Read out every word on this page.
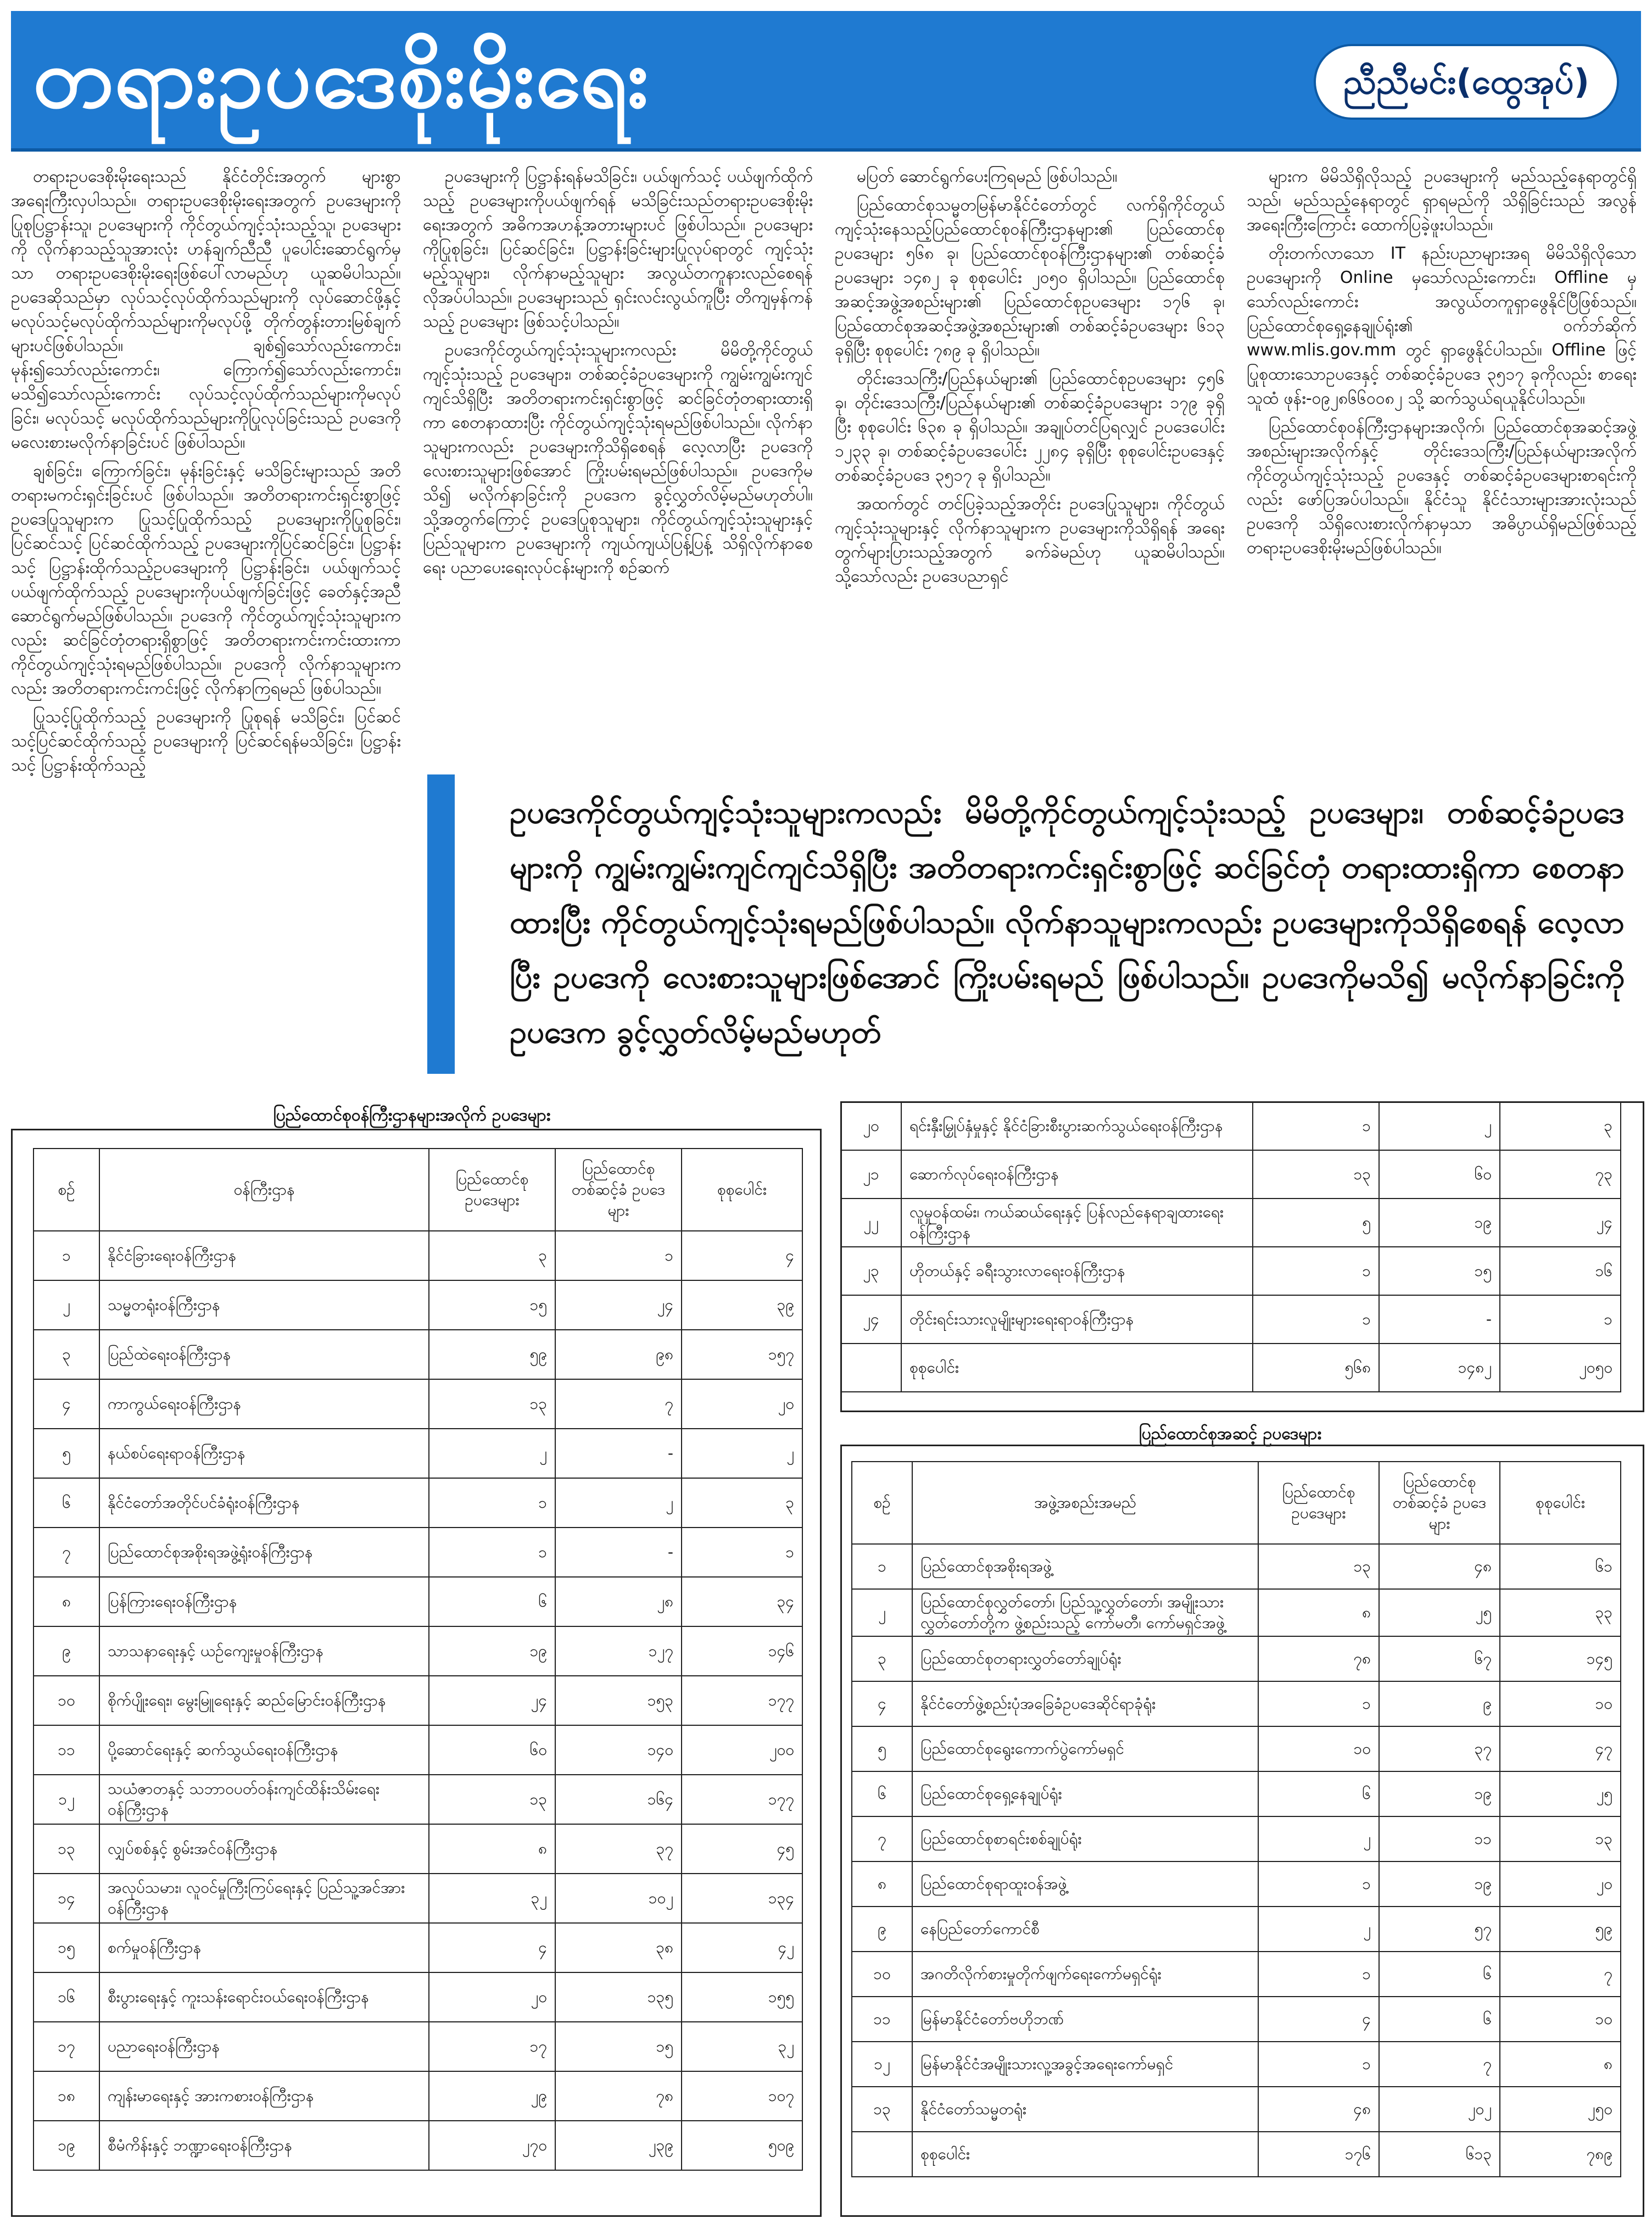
တရားဥပဒေစိုးမိုးရေး	ညီညီမင်း(ထွေအုပ်)

တရားဥပဒေစိုးမိုးရေးသည် နိုင်ငံတိုင်းအတွက် များစွာ အရေးကြီးလှပါသည်။ တရားဥပဒေစိုးမိုးရေးအတွက် ဥပဒေများကို ပြုစုပြဋ္ဌာန်းသူ၊ ဥပဒေများကို ကိုင်တွယ်ကျင့်သုံးသည့်သူ၊ ဥပဒေများကို လိုက်နာသည့်သူအားလုံး ဟန်ချက်ညီညီ ပူပေါင်းဆောင်ရွက်မှသာ တရားဥပဒေစိုးမိုးရေးဖြစ်ပေါ်လာမည်ဟု ယူဆမိပါသည်။ ဥပဒေဆိုသည်မှာ လုပ်သင့်လုပ်ထိုက်သည်များကို လုပ်ဆောင်ဖို့နှင့် မလုပ်သင့်မလုပ်ထိုက်သည်များကိုမလုပ်ဖို့ တိုက်တွန်းတားမြစ်ချက်များပင်ဖြစ်ပါသည်။ ချစ်၍သော်လည်းကောင်း၊ မုန်း၍သော်လည်းကောင်း၊ ကြောက်၍သော်လည်းကောင်း၊ မသိ၍သော်လည်းကောင်း လုပ်သင့်လုပ်ထိုက်သည်များကိုမလုပ်ခြင်း၊ မလုပ်သင့် မလုပ်ထိုက်သည်များကိုပြုလုပ်ခြင်းသည် ဥပဒေကို မလေးစားမလိုက်နာခြင်းပင် ဖြစ်ပါသည်။

ချစ်ခြင်း၊ ကြောက်ခြင်း၊ မုန်းခြင်းနှင့် မသိခြင်းများသည် အတိတရားမကင်းရှင်းခြင်းပင် ဖြစ်ပါသည်။ အတိတရားကင်းရှင်းစွာဖြင့် ဥပဒေပြုသူများက ပြုသင့်ပြုထိုက်သည့် ဥပဒေများကိုပြုစုခြင်း၊ ပြင်ဆင်သင့် ပြင်ဆင်ထိုက်သည့် ဥပဒေများကိုပြင်ဆင်ခြင်း၊ ပြဋ္ဌာန်းသင့် ပြဋ္ဌာန်းထိုက်သည့်ဥပဒေများကို ပြဋ္ဌာန်းခြင်း၊ ပယ်ဖျက်သင့် ပယ်ဖျက်ထိုက်သည့် ဥပဒေများကိုပယ်ဖျက်ခြင်းဖြင့် ခေတ်နှင့်အညီ ဆောင်ရွက်မည်ဖြစ်ပါသည်။ ဥပဒေကို ကိုင်တွယ်ကျင့်သုံးသူများကလည်း ဆင်ခြင်တုံတရားရှိစွာဖြင့် အတိတရားကင်းကင်းထားကာ ကိုင်တွယ်ကျင့်သုံးရမည်ဖြစ်ပါသည်။ ဥပဒေကို လိုက်နာသူများကလည်း အတိတရားကင်းကင်းဖြင့် လိုက်နာကြရမည် ဖြစ်ပါသည်။

ပြုသင့်ပြုထိုက်သည့် ဥပဒေများကို ပြုစုရန် မသိခြင်း၊ ပြင်ဆင်သင့်ပြင်ဆင်ထိုက်သည့် ဥပဒေများကို ပြင်ဆင်ရန်မသိခြင်း၊ ပြဋ္ဌာန်းသင့် ပြဋ္ဌာန်းထိုက်သည့်

ဥပဒေများကို ပြဋ္ဌာန်းရန်မသိခြင်း၊ ပယ်ဖျက်သင့် ပယ်ဖျက်ထိုက်သည့် ဥပဒေများကိုပယ်ဖျက်ရန် မသိခြင်းသည်တရားဥပဒေစိုးမိုးရေးအတွက် အဓိကအဟန့်အတားများပင် ဖြစ်ပါသည်။ ဥပဒေများကိုပြုစုခြင်း၊ ပြင်ဆင်ခြင်း၊ ပြဋ္ဌာန်းခြင်းများပြုလုပ်ရာတွင် ကျင့်သုံးမည့်သူများ၊ လိုက်နာမည့်သူများ အလွယ်တကူနားလည်စေရန် လိုအပ်ပါသည်။ ဥပဒေများသည် ရှင်းလင်းလွယ်ကူပြီး တိကျမှန်ကန်သည့် ဥပဒေများ ဖြစ်သင့်ပါသည်။

ဥပဒေကိုင်တွယ်ကျင့်သုံးသူများကလည်း မိမိတို့ကိုင်တွယ်ကျင့်သုံးသည့် ဥပဒေများ၊ တစ်ဆင့်ခံဥပဒေများကို ကျွမ်းကျွမ်းကျင်ကျင်သိရှိပြီး အတိတရားကင်းရှင်းစွာဖြင့် ဆင်ခြင်တုံတရားထားရှိကာ စေတနာထားပြီး ကိုင်တွယ်ကျင့်သုံးရမည်ဖြစ်ပါသည်။ လိုက်နာသူများကလည်း ဥပဒေများကိုသိရှိစေရန် လေ့လာပြီး ဥပဒေကို လေးစားသူများဖြစ်အောင် ကြိုးပမ်းရမည်ဖြစ်ပါသည်။ ဥပဒေကိုမသိ၍ မလိုက်နာခြင်းကို ဥပဒေက ခွင့်လွှတ်လိမ့်မည်မဟုတ်ပါ။ သို့အတွက်ကြောင့် ဥပဒေပြုစုသူများ၊ ကိုင်တွယ်ကျင့်သုံးသူများနှင့် ပြည်သူများက ဥပဒေများကို ကျယ်ကျယ်ပြန့်ပြန့် သိရှိလိုက်နာစေရေး ပညာပေးရေးလုပ်ငန်းများကို စဉ်ဆက်

မပြတ် ဆောင်ရွက်ပေးကြရမည် ဖြစ်ပါသည်။

ပြည်ထောင်စုသမ္မတမြန်မာနိုင်ငံတော်တွင် လက်ရှိကိုင်တွယ်ကျင့်သုံးနေသည့်ပြည်ထောင်စုဝန်ကြီးဌာနများ၏ ပြည်ထောင်စုဥပဒေများ ၅၆၈ ခု၊ ပြည်ထောင်စုဝန်ကြီးဌာနများ၏ တစ်ဆင့်ခံဥပဒေများ ၁၄၈၂ ခု စုစုပေါင်း ၂၀၅၀ ရှိပါသည်။ ပြည်ထောင်စုအဆင့်အဖွဲ့အစည်းများ၏ ပြည်ထောင်စုဥပဒေများ ၁၇၆ ခု၊ ပြည်ထောင်စုအဆင့်အဖွဲ့အစည်းများ၏ တစ်ဆင့်ခံဥပဒေများ ၆၁၃ ခုရှိပြီး စုစုပေါင်း ၇၈၉ ခု ရှိပါသည်။

တိုင်းဒေသကြီး/ပြည်နယ်များ၏ ပြည်ထောင်စုဥပဒေများ ၄၅၆ ခု၊ တိုင်းဒေသကြီး/ပြည်နယ်များ၏ တစ်ဆင့်ခံဥပဒေများ ၁၇၉ ခုရှိပြီး စုစုပေါင်း ၆၃၈ ခု ရှိပါသည်။ အချုပ်တင်ပြရလျှင် ဥပဒေပေါင်း ၁၂၃၃ ခု၊ တစ်ဆင့်ခံဥပဒေပေါင်း ၂၂၈၄ ခုရှိပြီး စုစုပေါင်းဥပဒေနှင့် တစ်ဆင့်ခံဥပဒေ ၃၅၁၇ ခု ရှိပါသည်။

အထက်တွင် တင်ပြခဲ့သည့်အတိုင်း ဥပဒေပြုသူများ၊ ကိုင်တွယ်ကျင့်သုံးသူများနှင့် လိုက်နာသူများက ဥပဒေများကိုသိရှိရန် အရေးတွက်များပြားသည့်အတွက် ခက်ခဲမည်ဟု ယူဆမိပါသည်။ သို့သော်လည်း ဥပဒေပညာရှင်

များက မိမိသိရှိလိုသည့် ဥပဒေများကို မည်သည့်နေရာတွင်ရှိသည်၊ မည်သည့်နေရာတွင် ရှာရမည်ကို သိရှိခြင်းသည် အလွန်အရေးကြီးကြောင်း ထောက်ပြခဲ့ဖူးပါသည်။

တိုးတက်လာသော IT နည်းပညာများအရ မိမိသိရှိလိုသောဥပဒေများကို Online မှသော်လည်းကောင်း၊ Offline မှသော်လည်းကောင်း အလွယ်တကူရှာဖွေနိုင်ပြီဖြစ်သည်။ ပြည်ထောင်စုရှေ့နေချုပ်ရုံး၏ ဝက်ဘ်ဆိုက် www.mlis.gov.mm တွင် ရှာဖွေနိုင်ပါသည်။ Offline ဖြင့် ပြုစုထားသောဥပဒေနှင့် တစ်ဆင့်ခံဥပဒေ ၃၅၁၇ ခုကိုလည်း စာရေးသူထံ ဖုန်း-၀၉၂၈၆၆၀၀၈၂ သို့ ဆက်သွယ်ရယူနိုင်ပါသည်။

ပြည်ထောင်စုဝန်ကြီးဌာနများအလိုက်၊ ပြည်ထောင်စုအဆင့်အဖွဲ့အစည်းများအလိုက်နှင့် တိုင်းဒေသကြီး/ပြည်နယ်များအလိုက် ကိုင်တွယ်ကျင့်သုံးသည့် ဥပဒေနှင့် တစ်ဆင့်ခံဥပဒေများစာရင်းကိုလည်း ဖော်ပြအပ်ပါသည်။ နိုင်ငံသူ နိုင်ငံသားများအားလုံးသည် ဥပဒေကို သိရှိလေးစားလိုက်နာမှသာ အဓိပ္ပာယ်ရှိမည်ဖြစ်သည့် တရားဥပဒေစိုးမိုးမည်ဖြစ်ပါသည်။

ဥပဒေကိုင်တွယ်ကျင့်သုံးသူများကလည်း မိမိတို့ကိုင်တွယ်ကျင့်သုံးသည့် ဥပဒေများ၊ တစ်ဆင့်ခံဥပဒေများကို ကျွမ်းကျွမ်းကျင်ကျင်သိရှိပြီး အတိတရားကင်းရှင်းစွာဖြင့် ဆင်ခြင်တုံ တရားထားရှိကာ စေတနာထားပြီး ကိုင်တွယ်ကျင့်သုံးရမည်ဖြစ်ပါသည်။ လိုက်နာသူများကလည်း ဥပဒေများကိုသိရှိစေရန် လေ့လာပြီး ဥပဒေကို လေးစားသူများဖြစ်အောင် ကြိုးပမ်းရမည် ဖြစ်ပါသည်။ ဥပဒေကိုမသိ၍ မလိုက်နာခြင်းကို ဥပဒေက ခွင့်လွှတ်လိမ့်မည်မဟုတ်
ပြည်ထောင်စုဝန်ကြီးဌာနများအလိုက် ဥပဒေများ
စဉ်	ဝန်ကြီးဌာန	ပြည်ထောင်စု ဥပဒေများ	ပြည်ထောင်စု တစ်ဆင့်ခံ ဥပဒေများ	စုစုပေါင်း
၁	နိုင်ငံခြားရေးဝန်ကြီးဌာန	၃	၁	၄
၂	သမ္မတရုံးဝန်ကြီးဌာန	၁၅	၂၄	၃၉
၃	ပြည်ထဲရေးဝန်ကြီးဌာန	၅၉	၉၈	၁၅၇
၄	ကာကွယ်ရေးဝန်ကြီးဌာန	၁၃	၇	၂၀
၅	နယ်စပ်ရေးရာဝန်ကြီးဌာန	၂	-	၂
၆	နိုင်ငံတော်အတိုင်ပင်ခံရုံးဝန်ကြီးဌာန	၁	၂	၃
၇	ပြည်ထောင်စုအစိုးရအဖွဲ့ရုံးဝန်ကြီးဌာန	၁	-	၁
၈	ပြန်ကြားရေးဝန်ကြီးဌာန	၆	၂၈	၃၄
၉	သာသနာရေးနှင့် ယဉ်ကျေးမှုဝန်ကြီးဌာန	၁၉	၁၂၇	၁၄၆
၁၀	စိုက်ပျိုးရေး၊ မွေးမြူရေးနှင့် ဆည်မြောင်းဝန်ကြီးဌာန	၂၄	၁၅၃	၁၇၇
၁၁	ပို့ဆောင်ရေးနှင့် ဆက်သွယ်ရေးဝန်ကြီးဌာန	၆၀	၁၄၀	၂၀၀
၁၂	သယံဇာတနှင့် သဘာဝပတ်ဝန်းကျင်ထိန်းသိမ်းရေးဝန်ကြီးဌာန	၁၃	၁၆၄	၁၇၇
၁၃	လျှပ်စစ်နှင့် စွမ်းအင်ဝန်ကြီးဌာန	၈	၃၇	၄၅
၁၄	အလုပ်သမား၊ လူဝင်မှုကြီးကြပ်ရေးနှင့် ပြည်သူ့အင်အားဝန်ကြီးဌာန	၃၂	၁၀၂	၁၃၄
၁၅	စက်မှုဝန်ကြီးဌာန	၄	၃၈	၄၂
၁၆	စီးပွားရေးနှင့် ကူးသန်းရောင်းဝယ်ရေးဝန်ကြီးဌာန	၂၀	၁၃၅	၁၅၅
၁၇	ပညာရေးဝန်ကြီးဌာန	၁၇	၁၅	၃၂
၁၈	ကျန်းမာရေးနှင့် အားကစားဝန်ကြီးဌာန	၂၉	၇၈	၁၀၇
၁၉	စီမံကိန်းနှင့် ဘဏ္ဍာရေးဝန်ကြီးဌာန	၂၇၀	၂၃၉	၅၀၉
၂၀	ရင်းနှီးမြှုပ်နှံမှုနှင့် နိုင်ငံခြားစီးပွားဆက်သွယ်ရေးဝန်ကြီးဌာန	၁	၂	၃
၂၁	ဆောက်လုပ်ရေးဝန်ကြီးဌာန	၁၃	၆၀	၇၃
၂၂	လူမှုဝန်ထမ်း၊ ကယ်ဆယ်ရေးနှင့် ပြန်လည်နေရာချထားရေးဝန်ကြီးဌာန	၅	၁၉	၂၄
၂၃	ဟိုတယ်နှင့် ခရီးသွားလာရေးဝန်ကြီးဌာန	၁	၁၅	၁၆
၂၄	တိုင်းရင်းသားလူမျိုးများရေးရာဝန်ကြီးဌာန	၁	-	၁
	စုစုပေါင်း	၅၆၈	၁၄၈၂	၂၀၅၀
ပြည်ထောင်စုအဆင့် ဥပဒေများ
စဉ်	အဖွဲ့အစည်းအမည်	ပြည်ထောင်စု ဥပဒေများ	ပြည်ထောင်စု တစ်ဆင့်ခံ ဥပဒေများ	စုစုပေါင်း
၁	ပြည်ထောင်စုအစိုးရအဖွဲ့	၁၃	၄၈	၆၁
၂	ပြည်ထောင်စုလွှတ်တော်၊ ပြည်သူ့လွှတ်တော်၊ အမျိုးသားလွှတ်တော်တို့က ဖွဲ့စည်းသည့် ကော်မတီ၊ ကော်မရှင်အဖွဲ့	၈	၂၅	၃၃
၃	ပြည်ထောင်စုတရားလွှတ်တော်ချုပ်ရုံး	၇၈	၆၇	၁၄၅
၄	နိုင်ငံတော်ဖွဲ့စည်းပုံအခြေခံဥပဒေဆိုင်ရာခုံရုံး	၁	၉	၁၀
၅	ပြည်ထောင်စုရွေးကောက်ပွဲကော်မရှင်	၁၀	၃၇	၄၇
၆	ပြည်ထောင်စုရှေ့နေချုပ်ရုံး	၆	၁၉	၂၅
၇	ပြည်ထောင်စုစာရင်းစစ်ချုပ်ရုံး	၂	၁၁	၁၃
၈	ပြည်ထောင်စုရာထူးဝန်အဖွဲ့	၁	၁၉	၂၀
၉	နေပြည်တော်ကောင်စီ	၂	၅၇	၅၉
၁၀	အဂတိလိုက်စားမှုတိုက်ဖျက်ရေးကော်မရှင်ရုံး	၁	၆	၇
၁၁	မြန်မာနိုင်ငံတော်ဗဟိုဘဏ်	၄	၆	၁၀
၁၂	မြန်မာနိုင်ငံအမျိုးသားလူ့အခွင့်အရေးကော်မရှင်	၁	၇	၈
၁၃	နိုင်ငံတော်သမ္မတရုံး	၄၈	၂၀၂	၂၅၀
	စုစုပေါင်း	၁၇၆	၆၁၃	၇၈၉
